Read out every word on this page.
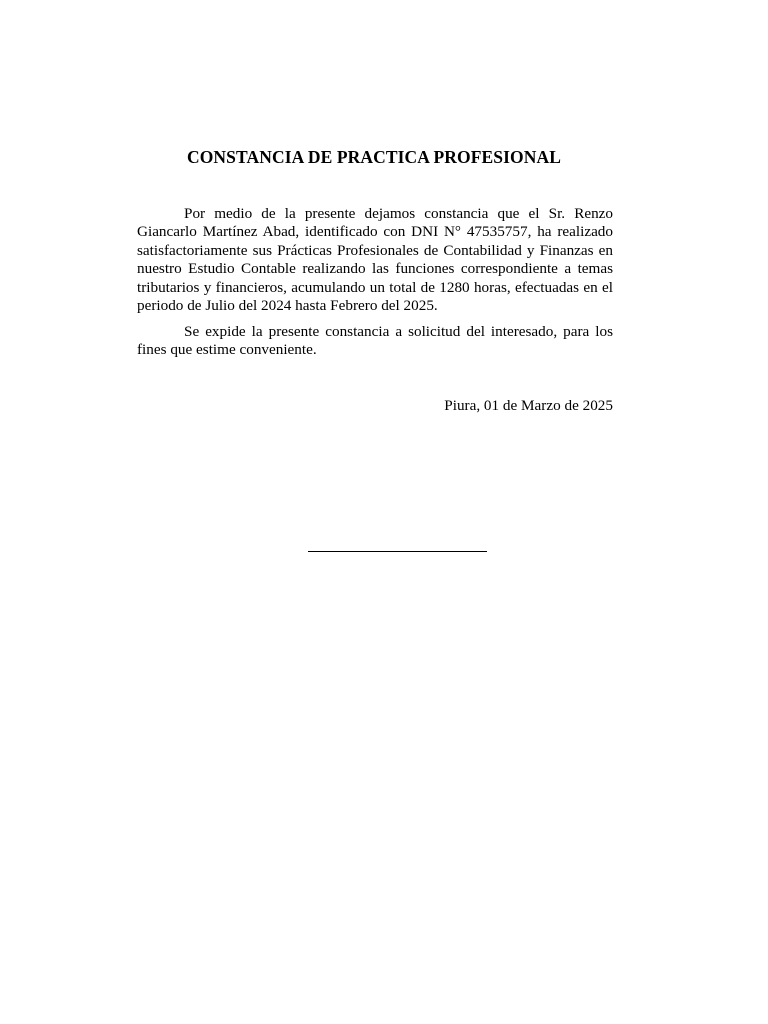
CONSTANCIA DE PRACTICA PROFESIONAL

Por medio de la presente dejamos constancia que el Sr. Renzo Giancarlo Martínez Abad, identificado con DNI N° 47535757, ha realizado satisfactoriamente sus Prácticas Profesionales de Contabilidad y Finanzas en nuestro Estudio Contable realizando las funciones correspondiente a temas tributarios y financieros, acumulando un total de 1280 horas, efectuadas en el periodo de Julio del 2024 hasta Febrero del 2025.

Se expide la presente constancia a solicitud del interesado, para los fines que estime conveniente.

Piura, 01 de Marzo de 2025
